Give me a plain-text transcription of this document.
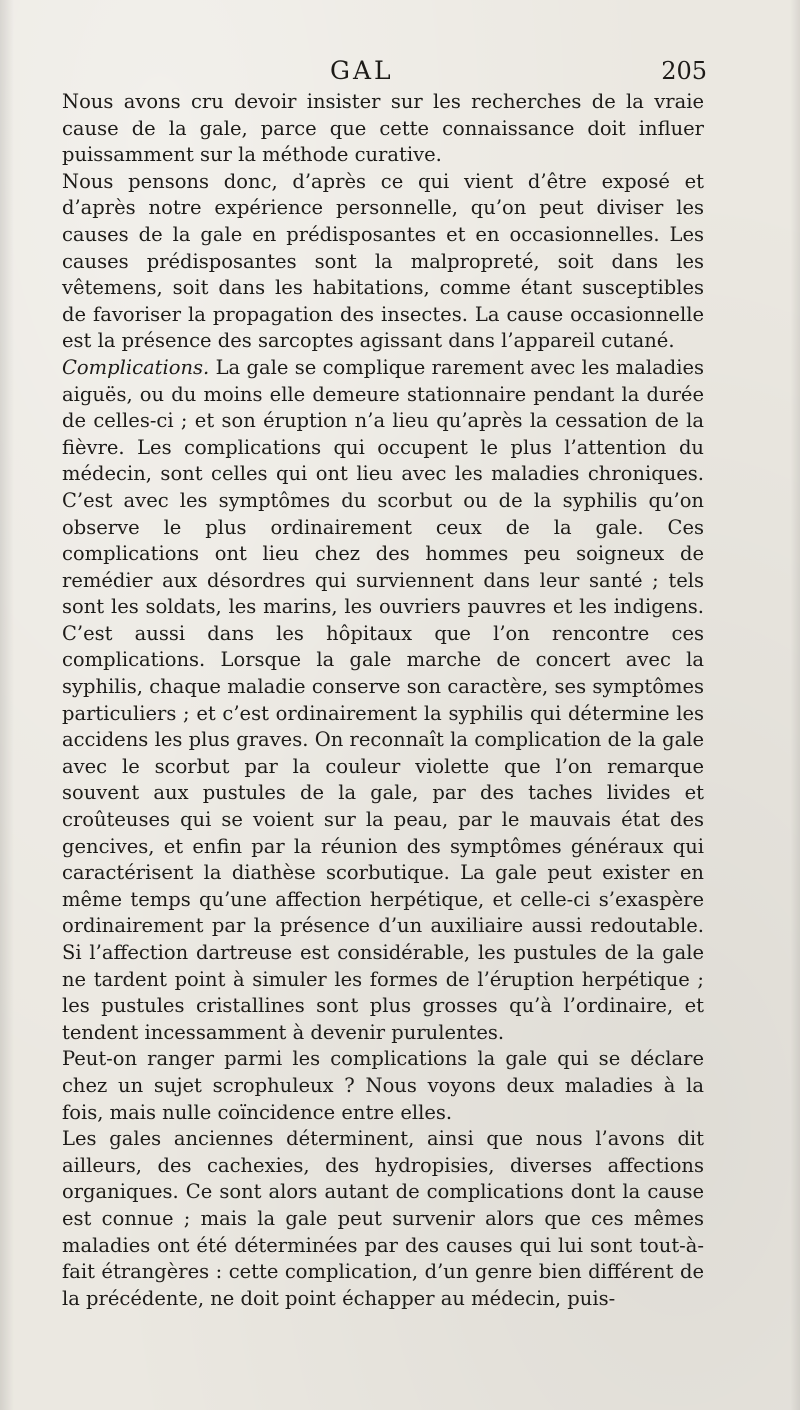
GAL	205

Nous avons cru devoir insister sur les recherches de la vraie cause de la gale, parce que cette connaissance doit influer puissamment sur la méthode curative.

Nous pensons donc, d’après ce qui vient d’être exposé et d’après notre expérience personnelle, qu’on peut diviser les causes de la gale en prédisposantes et en occasionnelles. Les causes prédisposantes sont la malpropreté, soit dans les vêtemens, soit dans les habitations, comme étant susceptibles de favoriser la propagation des insectes. La cause occasionnelle est la présence des sarcoptes agissant dans l’appareil cutané.

Complications. La gale se complique rarement avec les maladies aiguës, ou du moins elle demeure stationnaire pendant la durée de celles-ci ; et son éruption n’a lieu qu’après la cessation de la fièvre. Les complications qui occupent le plus l’attention du médecin, sont celles qui ont lieu avec les maladies chroniques. C’est avec les symptômes du scorbut ou de la syphilis qu’on observe le plus ordinairement ceux de la gale. Ces complications ont lieu chez des hommes peu soigneux de remédier aux désordres qui surviennent dans leur santé ; tels sont les soldats, les marins, les ouvriers pauvres et les indigens. C’est aussi dans les hôpitaux que l’on rencontre ces complications. Lorsque la gale marche de concert avec la syphilis, chaque maladie conserve son caractère, ses symptômes particuliers ; et c’est ordinairement la syphilis qui détermine les accidens les plus graves. On reconnaît la complication de la gale avec le scorbut par la couleur violette que l’on remarque souvent aux pustules de la gale, par des taches livides et croûteuses qui se voient sur la peau, par le mauvais état des gencives, et enfin par la réunion des symptômes généraux qui caractérisent la diathèse scorbutique. La gale peut exister en même temps qu’une affection herpétique, et celle-ci s’exaspère ordinairement par la présence d’un auxiliaire aussi redoutable. Si l’affection dartreuse est considérable, les pustules de la gale ne tardent point à simuler les formes de l’éruption herpétique ; les pustules cristallines sont plus grosses qu’à l’ordinaire, et tendent incessamment à devenir purulentes.

Peut-on ranger parmi les complications la gale qui se déclare chez un sujet scrophuleux ? Nous voyons deux maladies à la fois, mais nulle coïncidence entre elles.

Les gales anciennes déterminent, ainsi que nous l’avons dit ailleurs, des cachexies, des hydropisies, diverses affections organiques. Ce sont alors autant de complications dont la cause est connue ; mais la gale peut survenir alors que ces mêmes maladies ont été déterminées par des causes qui lui sont tout-à-fait étrangères : cette complication, d’un genre bien différent de la précédente, ne doit point échapper au médecin, puis-
